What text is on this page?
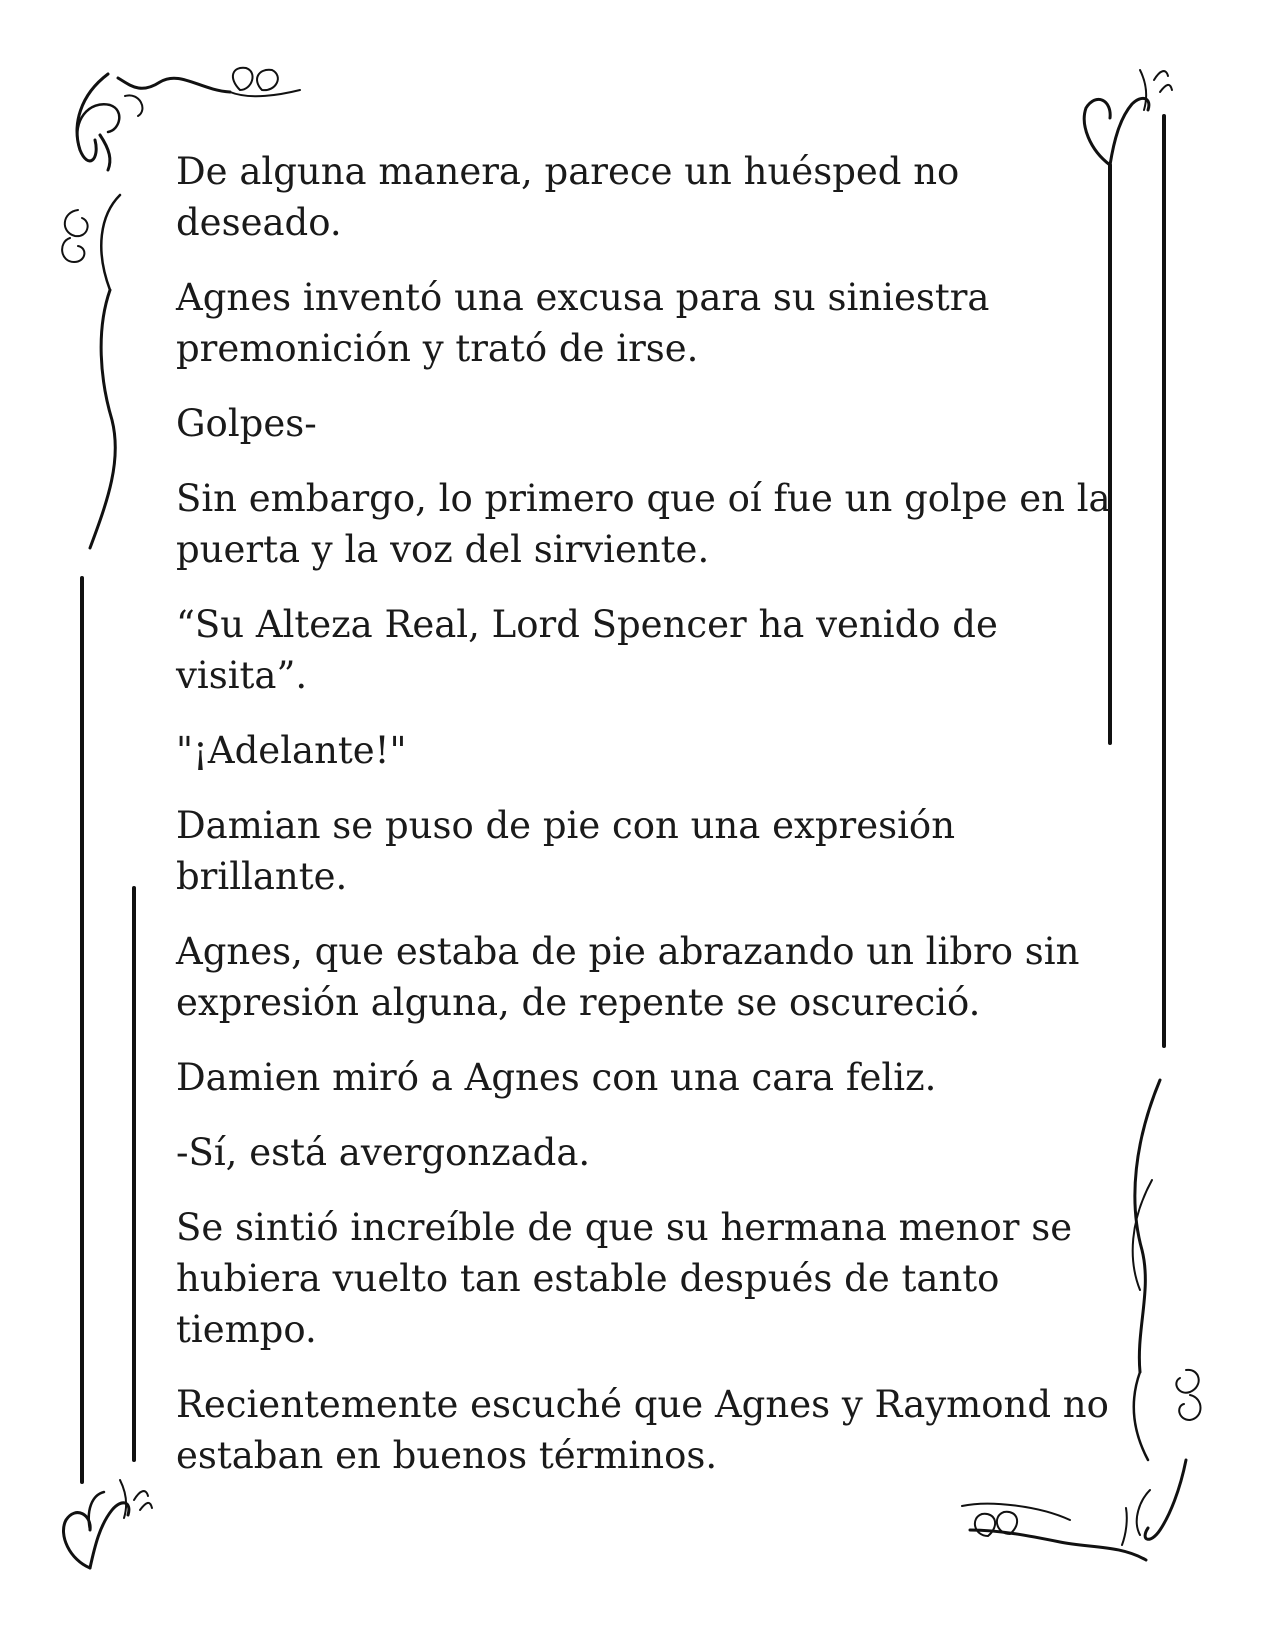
De alguna manera, parece un huésped no deseado.

Agnes inventó una excusa para su siniestra premonición y trató de irse.

Golpes-

Sin embargo, lo primero que oí fue un golpe en la puerta y la voz del sirviente.

“Su Alteza Real, Lord Spencer ha venido de visita”.

"¡Adelante!"

Damian se puso de pie con una expresión brillante.

Agnes, que estaba de pie abrazando un libro sin expresión alguna, de repente se oscureció.

Damien miró a Agnes con una cara feliz.

-Sí, está avergonzada.

Se sintió increíble de que su hermana menor se hubiera vuelto tan estable después de tanto tiempo.

Recientemente escuché que Agnes y Raymond no estaban en buenos términos.
